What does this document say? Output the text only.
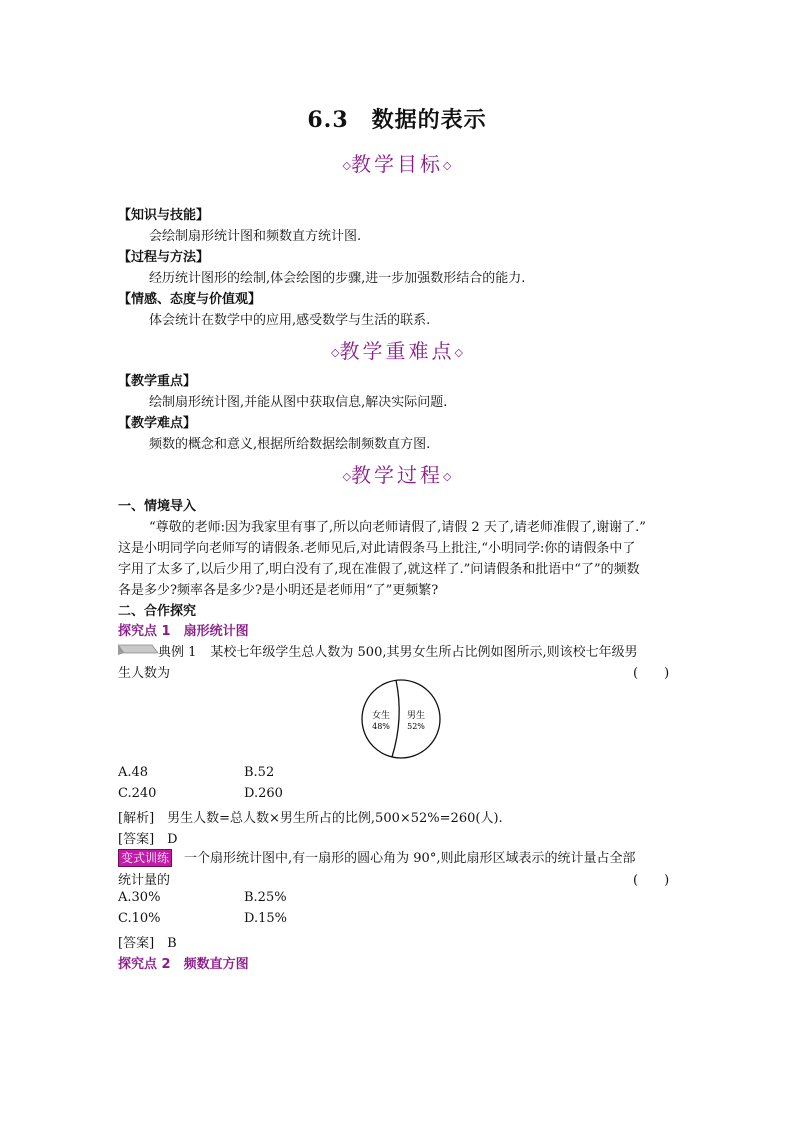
6.3　数据的表示
◇教学目标◇
【知识与技能】
会绘制扇形统计图和频数直方统计图.
【过程与方法】
经历统计图形的绘制,体会绘图的步骤,进一步加强数形结合的能力.
【情感、态度与价值观】
体会统计在数学中的应用,感受数学与生活的联系.
◇教学重难点◇
【教学重点】
绘制扇形统计图,并能从图中获取信息,解决实际问题.
【教学难点】
频数的概念和意义,根据所给数据绘制频数直方图.
◇教学过程◇
一、情境导入
“尊敬的老师:因为我家里有事了,所以向老师请假了,请假 2 天了,请老师准假了,谢谢了.”
这是小明同学向老师写的请假条.老师见后,对此请假条马上批注,“小明同学:你的请假条中了
字用了太多了,以后少用了,明白没有了,现在准假了,就这样了.”问请假条和批语中“了”的频数
各是多少?频率各是多少?是小明还是老师用“了”更频繁?
二、合作探究
探究点 1　扇形统计图
典例 1 某校七年级学生总人数为 500,其男女生所占比例如图所示,则该校七年级男
生人数为	(　　)
女生
48%
男生
52%
A.48	B.52
C.240	D.260
[解析]　男生人数=总人数×男生所占的比例,500×52%=260(人).
[答案]　D
变式训练 一个扇形统计图中,有一扇形的圆心角为 90°,则此扇形区域表示的统计量占全部
统计量的	(　　)
A.30%	B.25%
C.10%	D.15%
[答案]　B
探究点 2　频数直方图
